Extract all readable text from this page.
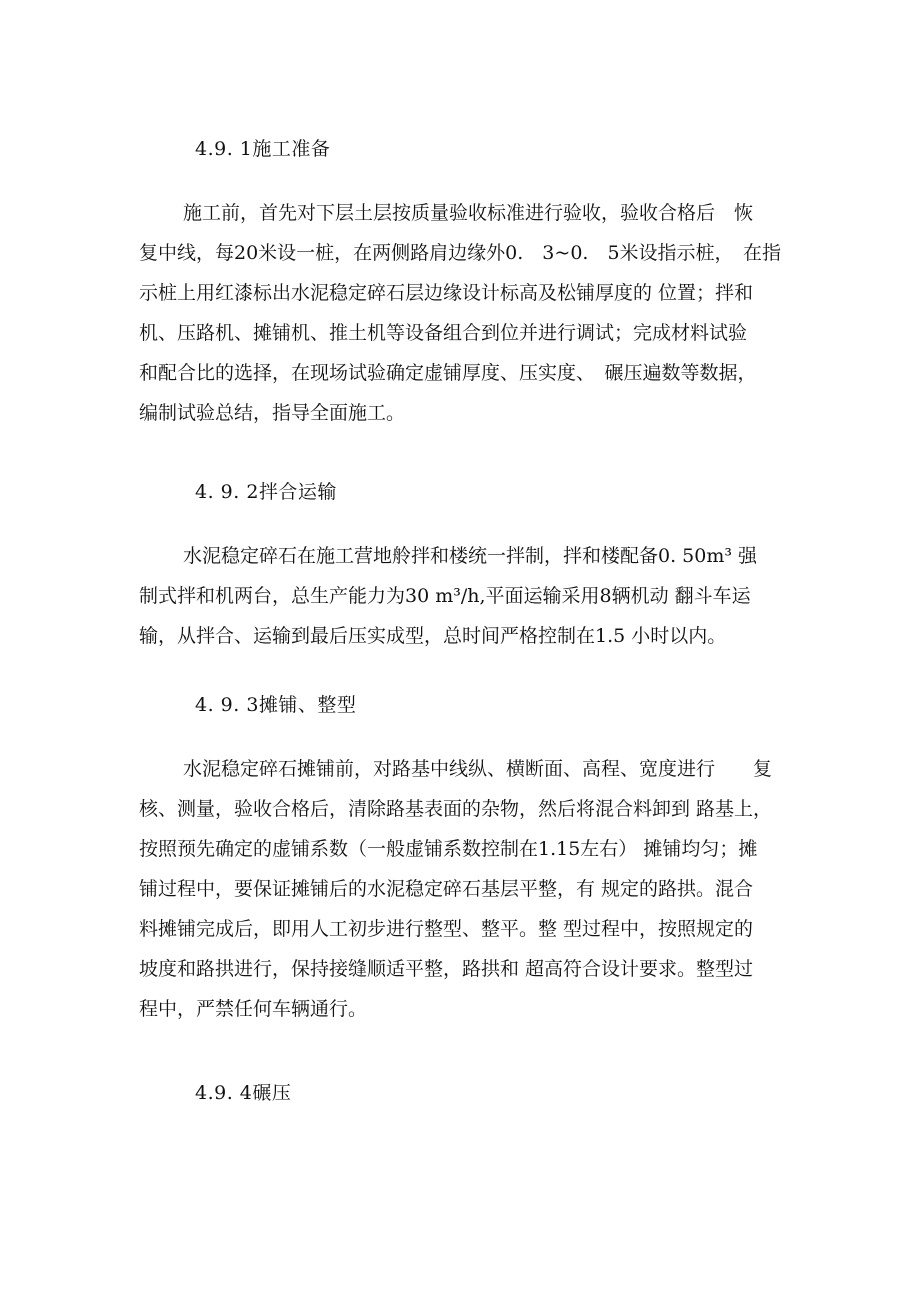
4.9. 1施工准备
施工前，首先对下层土层按质量验收标准进行验收，验收合格后　恢
复中线，每20米设一桩，在两侧路肩边缘外0.　3~0.　5米设指示桩，　在指
示桩上用红漆标出水泥稳定碎石层边缘设计标高及松铺厚度的 位置；拌和
机、压路机、摊铺机、推土机等设备组合到位并进行调试；完成材料试验
和配合比的选择，在现场试验确定虚铺厚度、压实度、　碾压遍数等数据，
编制试验总结，指导全面施工。
4. 9. 2拌合运输
水泥稳定碎石在施工营地舲拌和楼统一拌制，拌和楼配备0. 50m³ 强
制式拌和机两台，总生产能力为30 m³/h,平面运输采用8辆机动 翻斗车运
输，从拌合、运输到最后压实成型，总时间严格控制在1.5 小时以内。
4. 9. 3摊铺、整型
水泥稳定碎石摊铺前，对路基中线纵、横断面、高程、宽度进行　　复
核、测量，验收合格后，清除路基表面的杂物，然后将混合料卸到 路基上，
按照预先确定的虚铺系数（一般虚铺系数控制在1.15左右） 摊铺均匀；摊
铺过程中，要保证摊铺后的水泥稳定碎石基层平整，有 规定的路拱。混合
料摊铺完成后，即用人工初步进行整型、整平。整 型过程中，按照规定的
坡度和路拱进行，保持接缝顺适平整，路拱和 超高符合设计要求。整型过
程中，严禁任何车辆通行。
4.9. 4碾压
